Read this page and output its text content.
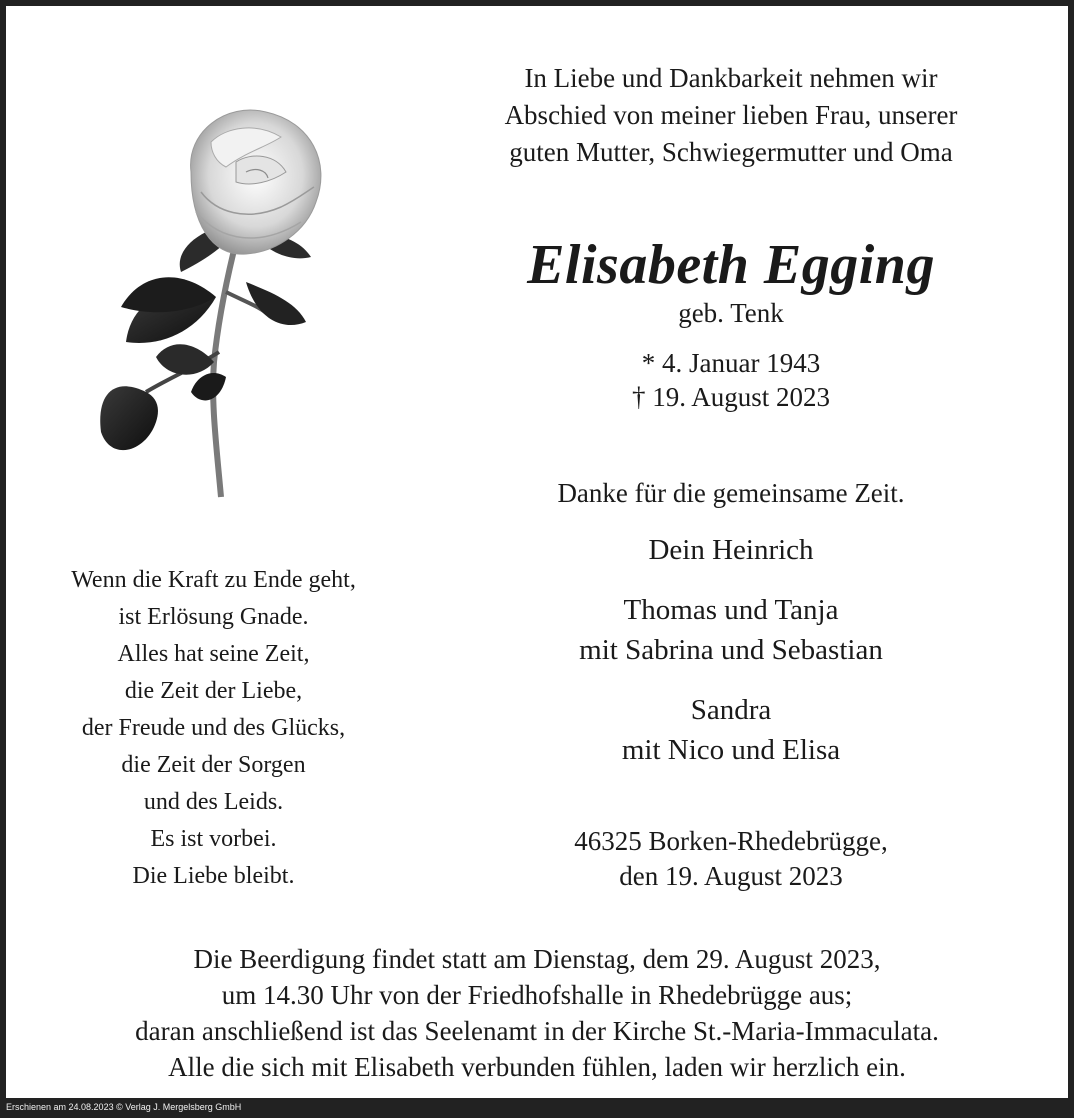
In Liebe und Dankbarkeit nehmen wir
Abschied von meiner lieben Frau, unserer
guten Mutter, Schwiegermutter und Oma
Elisabeth Egging
geb. Tenk
* 4. Januar 1943
† 19. August 2023
Danke für die gemeinsame Zeit.
Dein Heinrich
Thomas und Tanja
mit Sabrina und Sebastian
Sandra
mit Nico und Elisa
46325 Borken-Rhedebrügge,
den 19. August 2023
Wenn die Kraft zu Ende geht,
ist Erlösung Gnade.
Alles hat seine Zeit,
die Zeit der Liebe,
der Freude und des Glücks,
die Zeit der Sorgen
und des Leids.
Es ist vorbei.
Die Liebe bleibt.
Die Beerdigung findet statt am Dienstag, dem 29. August 2023,
um 14.30 Uhr von der Friedhofshalle in Rhedebrügge aus;
daran anschließend ist das Seelenamt in der Kirche St.-Maria-Immaculata.
Alle die sich mit Elisabeth verbunden fühlen, laden wir herzlich ein.
Erschienen am 24.08.2023 © Verlag J. Mergelsberg GmbH
